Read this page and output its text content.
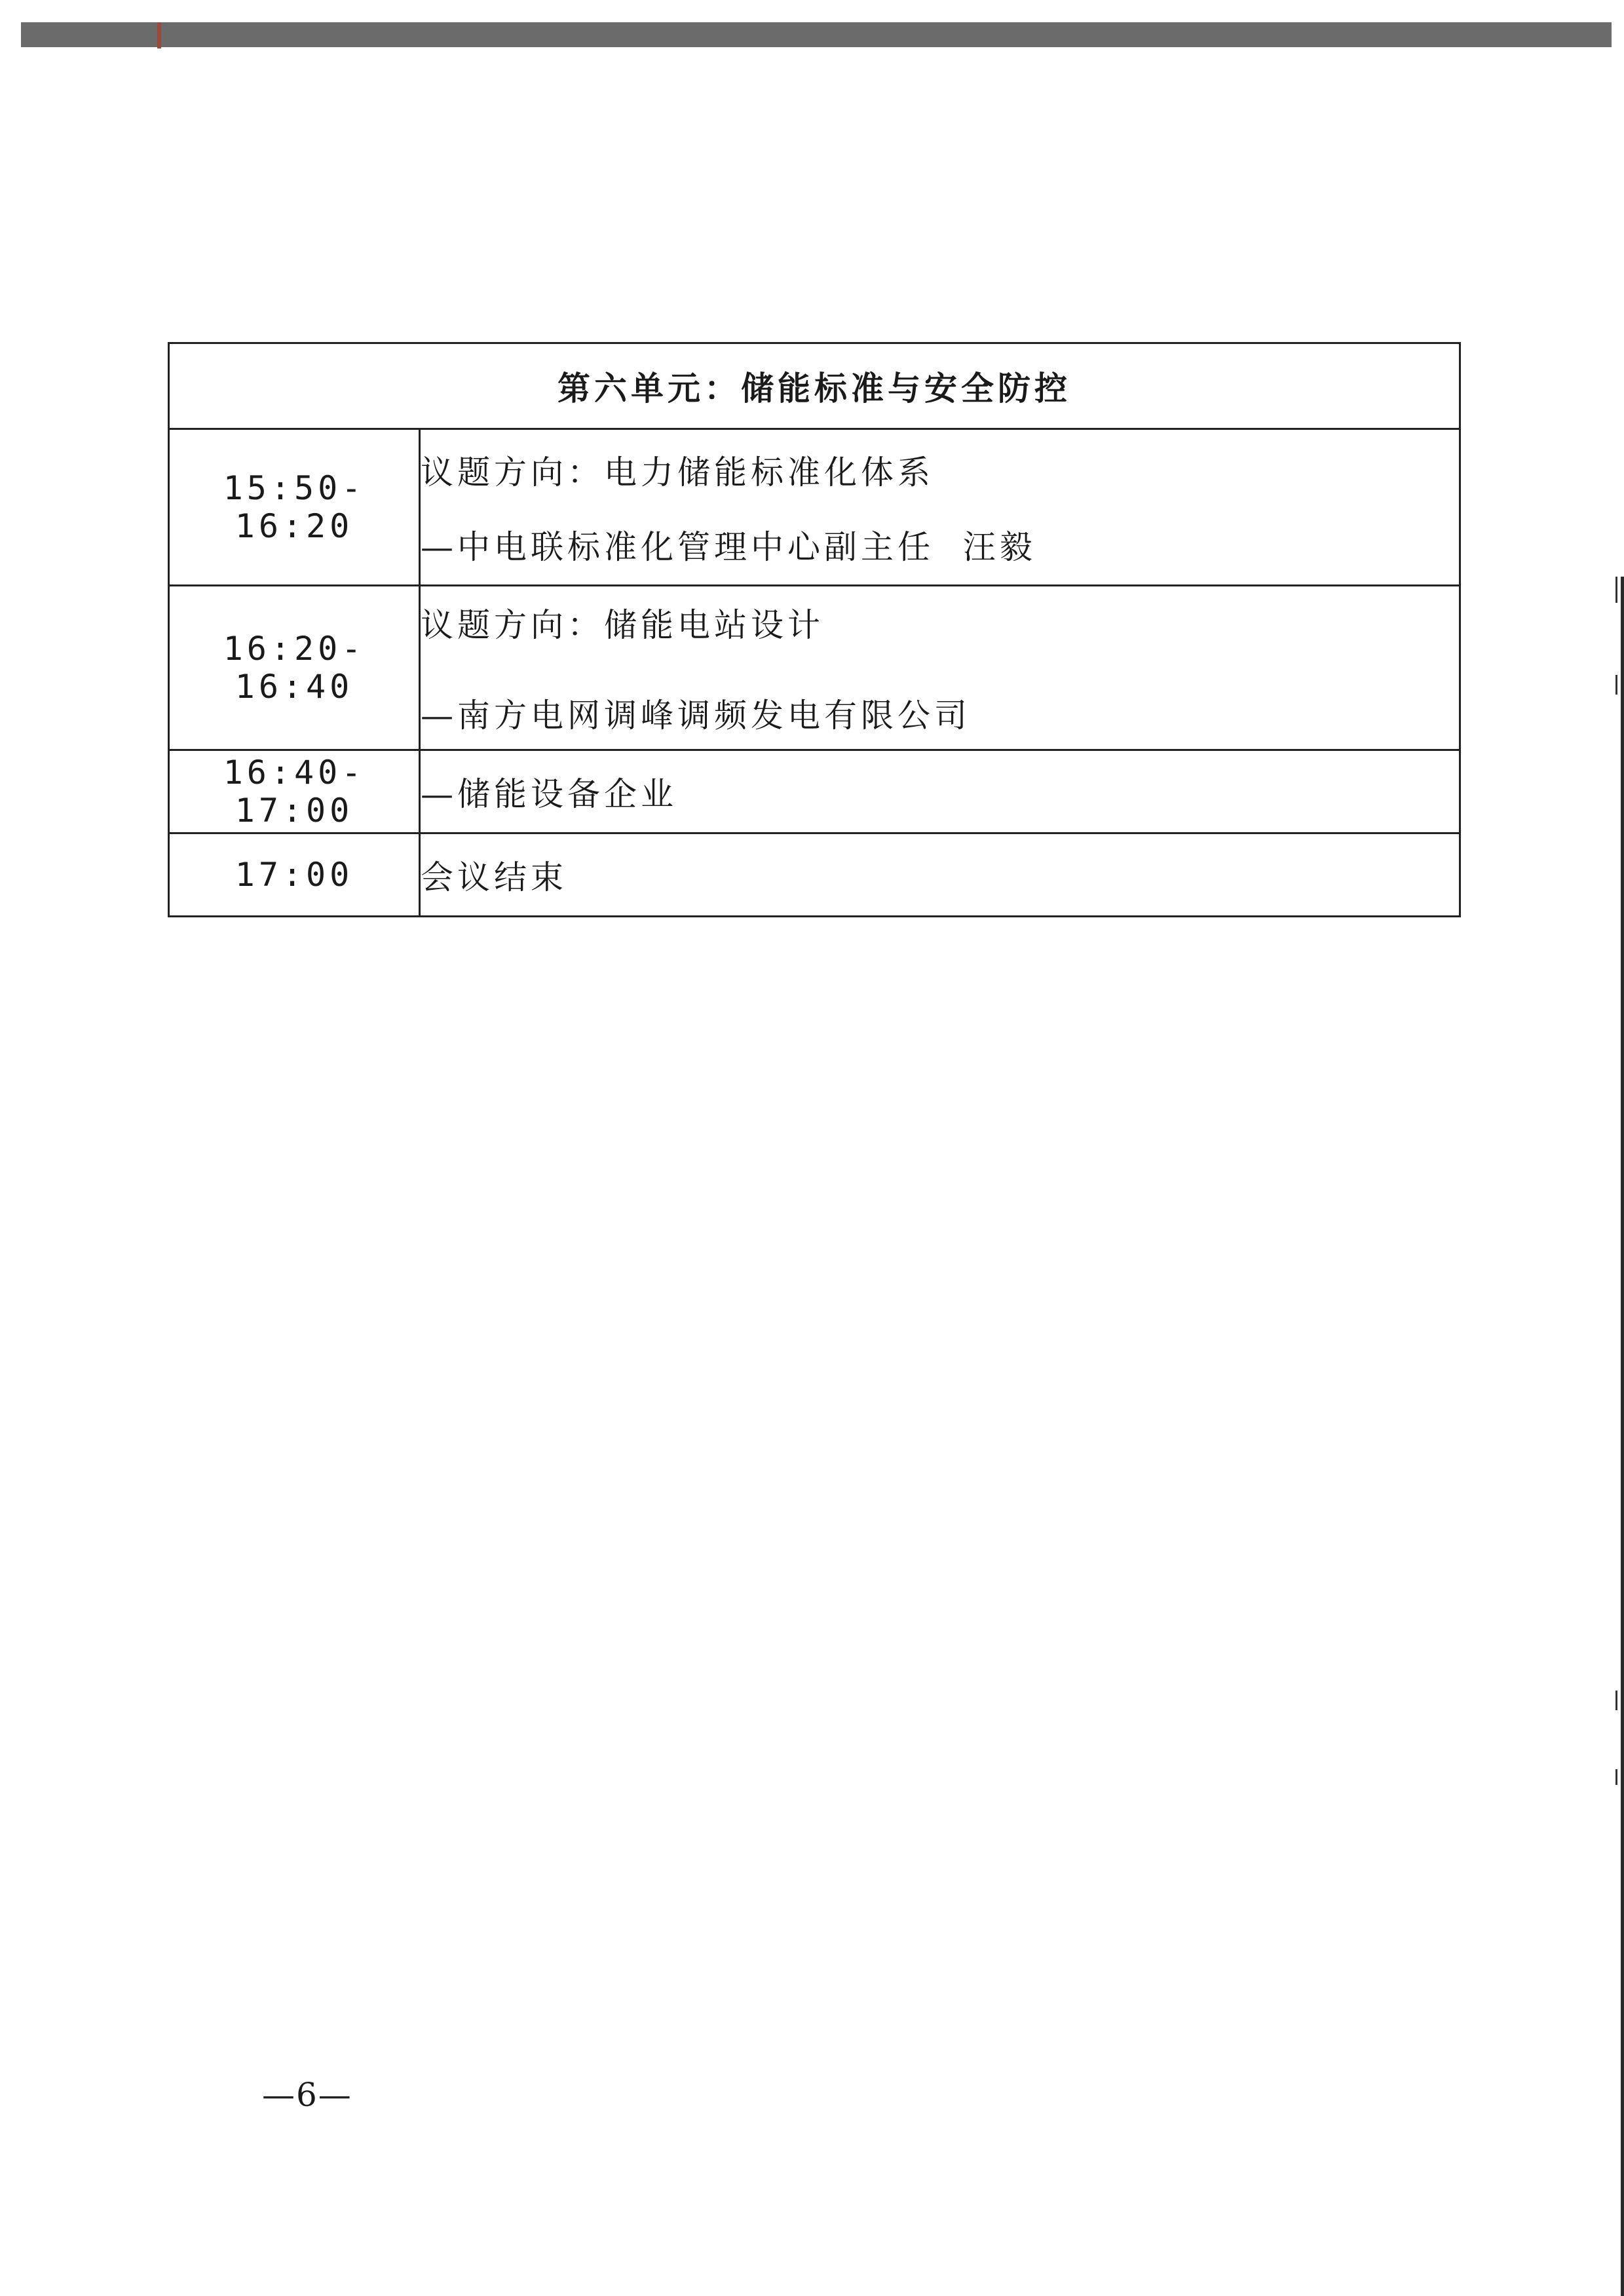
第六单元：储能标准与安全防控	
15:50-16:20	议题方向：电力储能标准化体系
—中电联标准化管理中心副主任  汪毅

16:20-16:40	议题方向：储能电站设计
—南方电网调峰调频发电有限公司

16:40-17:00	—储能设备企业

17:00	会议结束
—6—
